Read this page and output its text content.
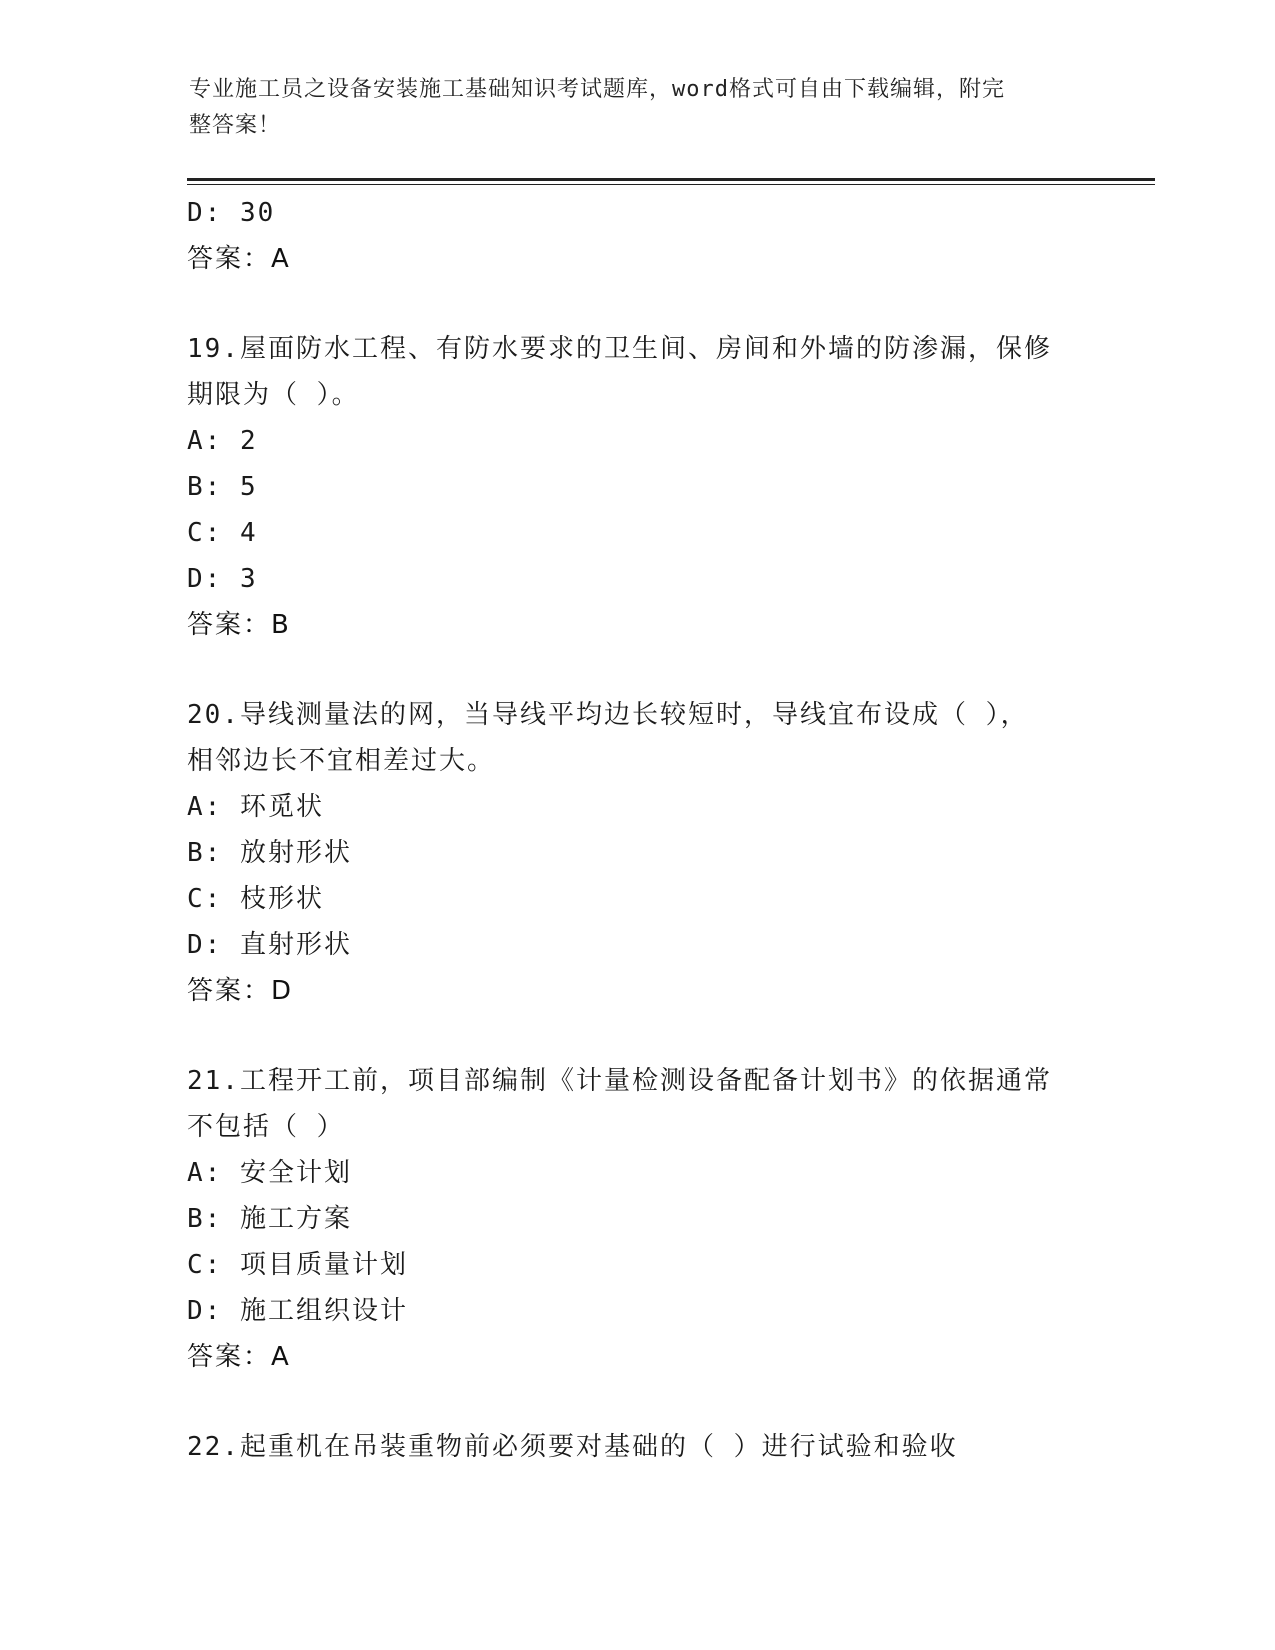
专业施工员之设备安装施工基础知识考试题库，word格式可自由下载编辑，附完
整答案！
D: 30
答案：A
19.屋面防水工程、有防水要求的卫生间、房间和外墙的防渗漏，保修
期限为（ ）。
A: 2
B: 5
C: 4
D: 3
答案：B
20.导线测量法的网，当导线平均边长较短时，导线宜布设成（ ），
相邻边长不宜相差过大。
A: 环觅状
B: 放射形状
C: 枝形状
D: 直射形状
答案：D
21.工程开工前，项目部编制《计量检测设备配备计划书》的依据通常
不包括（ ）
A: 安全计划
B: 施工方案
C: 项目质量计划
D: 施工组织设计
答案：A
22.起重机在吊装重物前必须要对基础的（ ）进行试验和验收
